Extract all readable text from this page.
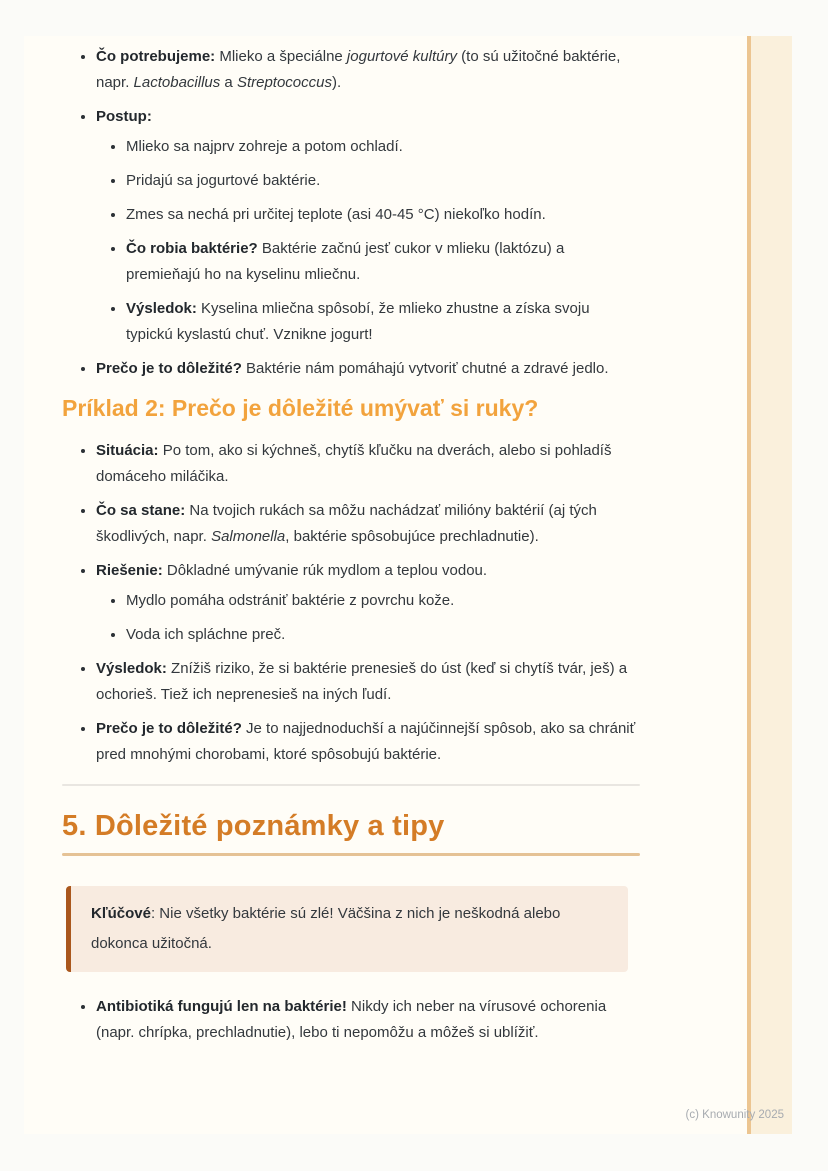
• Čo potrebujeme: Mlieko a špeciálne jogurtové kultúry (to sú užitočné baktérie, napr. Lactobacillus a Streptococcus).
• Postup:
• Mlieko sa najprv zohreje a potom ochladí.
• Pridajú sa jogurtové baktérie.
• Zmes sa nechá pri určitej teplote (asi 40-45 °C) niekoľko hodín.
• Čo robia baktérie? Baktérie začnú jesť cukor v mlieku (laktózu) a premieňajú ho na kyselinu mliečnu.
• Výsledok: Kyselina mliečna spôsobí, že mlieko zhustne a získa svoju typickú kyslastú chuť. Vznikne jogurt!
• Prečo je to dôležité? Baktérie nám pomáhajú vytvoriť chutné a zdravé jedlo.
Príklad 2: Prečo je dôležité umývať si ruky?
• Situácia: Po tom, ako si kýchneš, chytíš kľučku na dverách, alebo si pohladíš domáceho miláčika.
• Čo sa stane: Na tvojich rukách sa môžu nachádzať milióny baktérií (aj tých škodlivých, napr. Salmonella, baktérie spôsobujúce prechladnutie).
• Riešenie: Dôkladné umývanie rúk mydlom a teplou vodou.
• Mydlo pomáha odstrániť baktérie z povrchu kože.
• Voda ich spláchne preč.
• Výsledok: Znížiš riziko, že si baktérie prenesieš do úst (keď si chytíš tvár, ješ) a ochorieš. Tiež ich neprenesieš na iných ľudí.
• Prečo je to dôležité? Je to najjednoduchší a najúčinnejší spôsob, ako sa chrániť pred mnohými chorobami, ktoré spôsobujú baktérie.
5. Dôležité poznámky a tipy
Kľúčové: Nie všetky baktérie sú zlé! Väčšina z nich je neškodná alebo dokonca užitočná.
• Antibiotiká fungujú len na baktérie! Nikdy ich neber na vírusové ochorenia (napr. chrípka, prechladnutie), lebo ti nepomôžu a môžeš si ublížiť.
(c) Knowunity 2025
